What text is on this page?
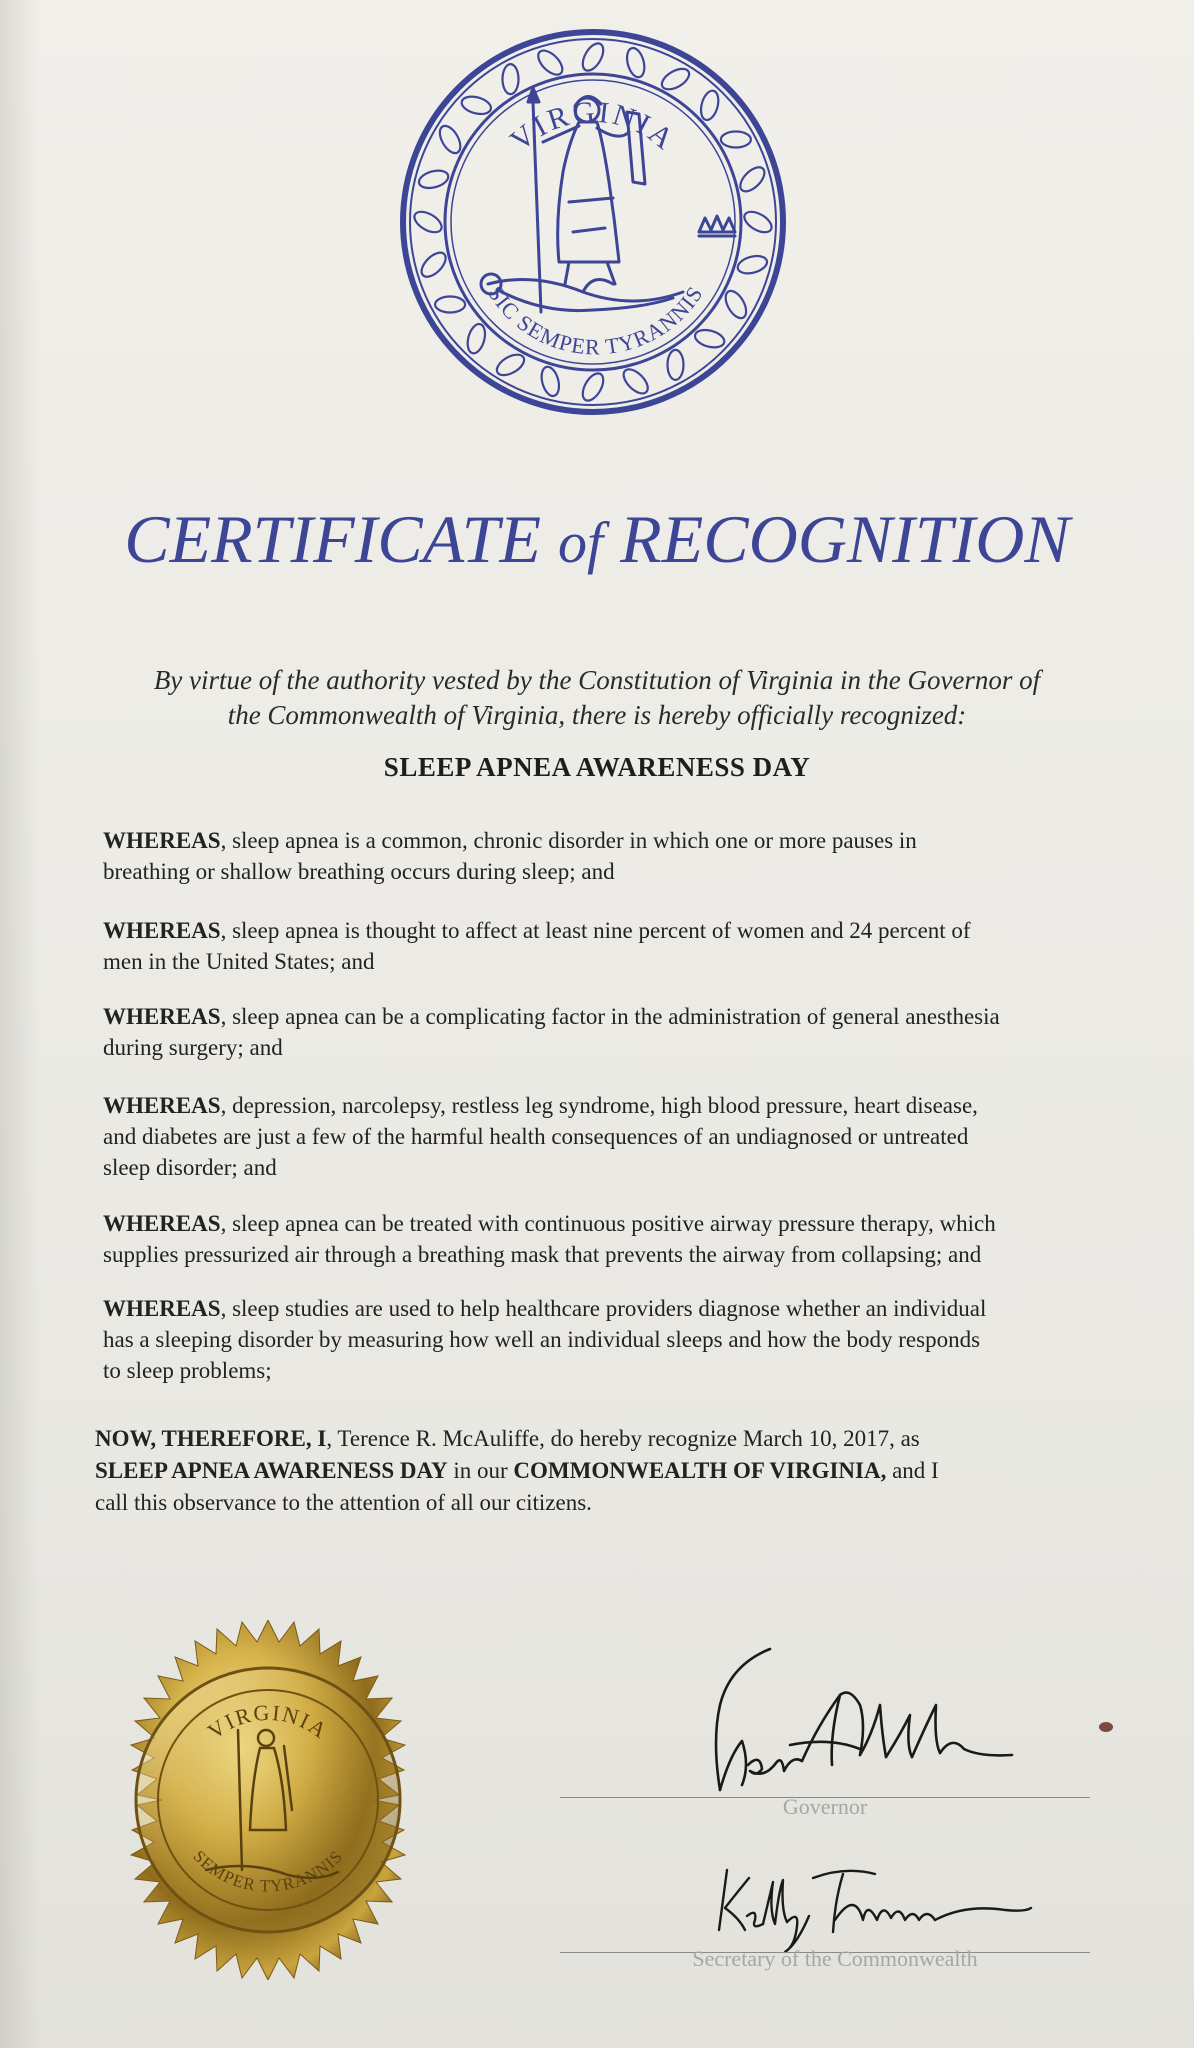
VIRGINIA
SIC SEMPER TYRANNIS
CERTIFICATE of RECOGNITION
By virtue of the authority vested by the Constitution of Virginia in the Governor of
the Commonwealth of Virginia, there is hereby officially recognized:
SLEEP APNEA AWARENESS DAY
WHEREAS, sleep apnea is a common, chronic disorder in which one or more pauses in
breathing or shallow breathing occurs during sleep; and
WHEREAS, sleep apnea is thought to affect at least nine percent of women and 24 percent of
men in the United States; and
WHEREAS, sleep apnea can be a complicating factor in the administration of general anesthesia
during surgery; and
WHEREAS, depression, narcolepsy, restless leg syndrome, high blood pressure, heart disease,
and diabetes are just a few of the harmful health consequences of an undiagnosed or untreated
sleep disorder; and
WHEREAS, sleep apnea can be treated with continuous positive airway pressure therapy, which
supplies pressurized air through a breathing mask that prevents the airway from collapsing; and
WHEREAS, sleep studies are used to help healthcare providers diagnose whether an individual
has a sleeping disorder by measuring how well an individual sleeps and how the body responds
to sleep problems;
NOW, THEREFORE, I, Terence R. McAuliffe, do hereby recognize March 10, 2017, as
SLEEP APNEA AWARENESS DAY in our COMMONWEALTH OF VIRGINIA, and I
call this observance to the attention of all our citizens.
VIRGINIA
SEMPER TYRANNIS
Governor
Secretary of the Commonwealth
